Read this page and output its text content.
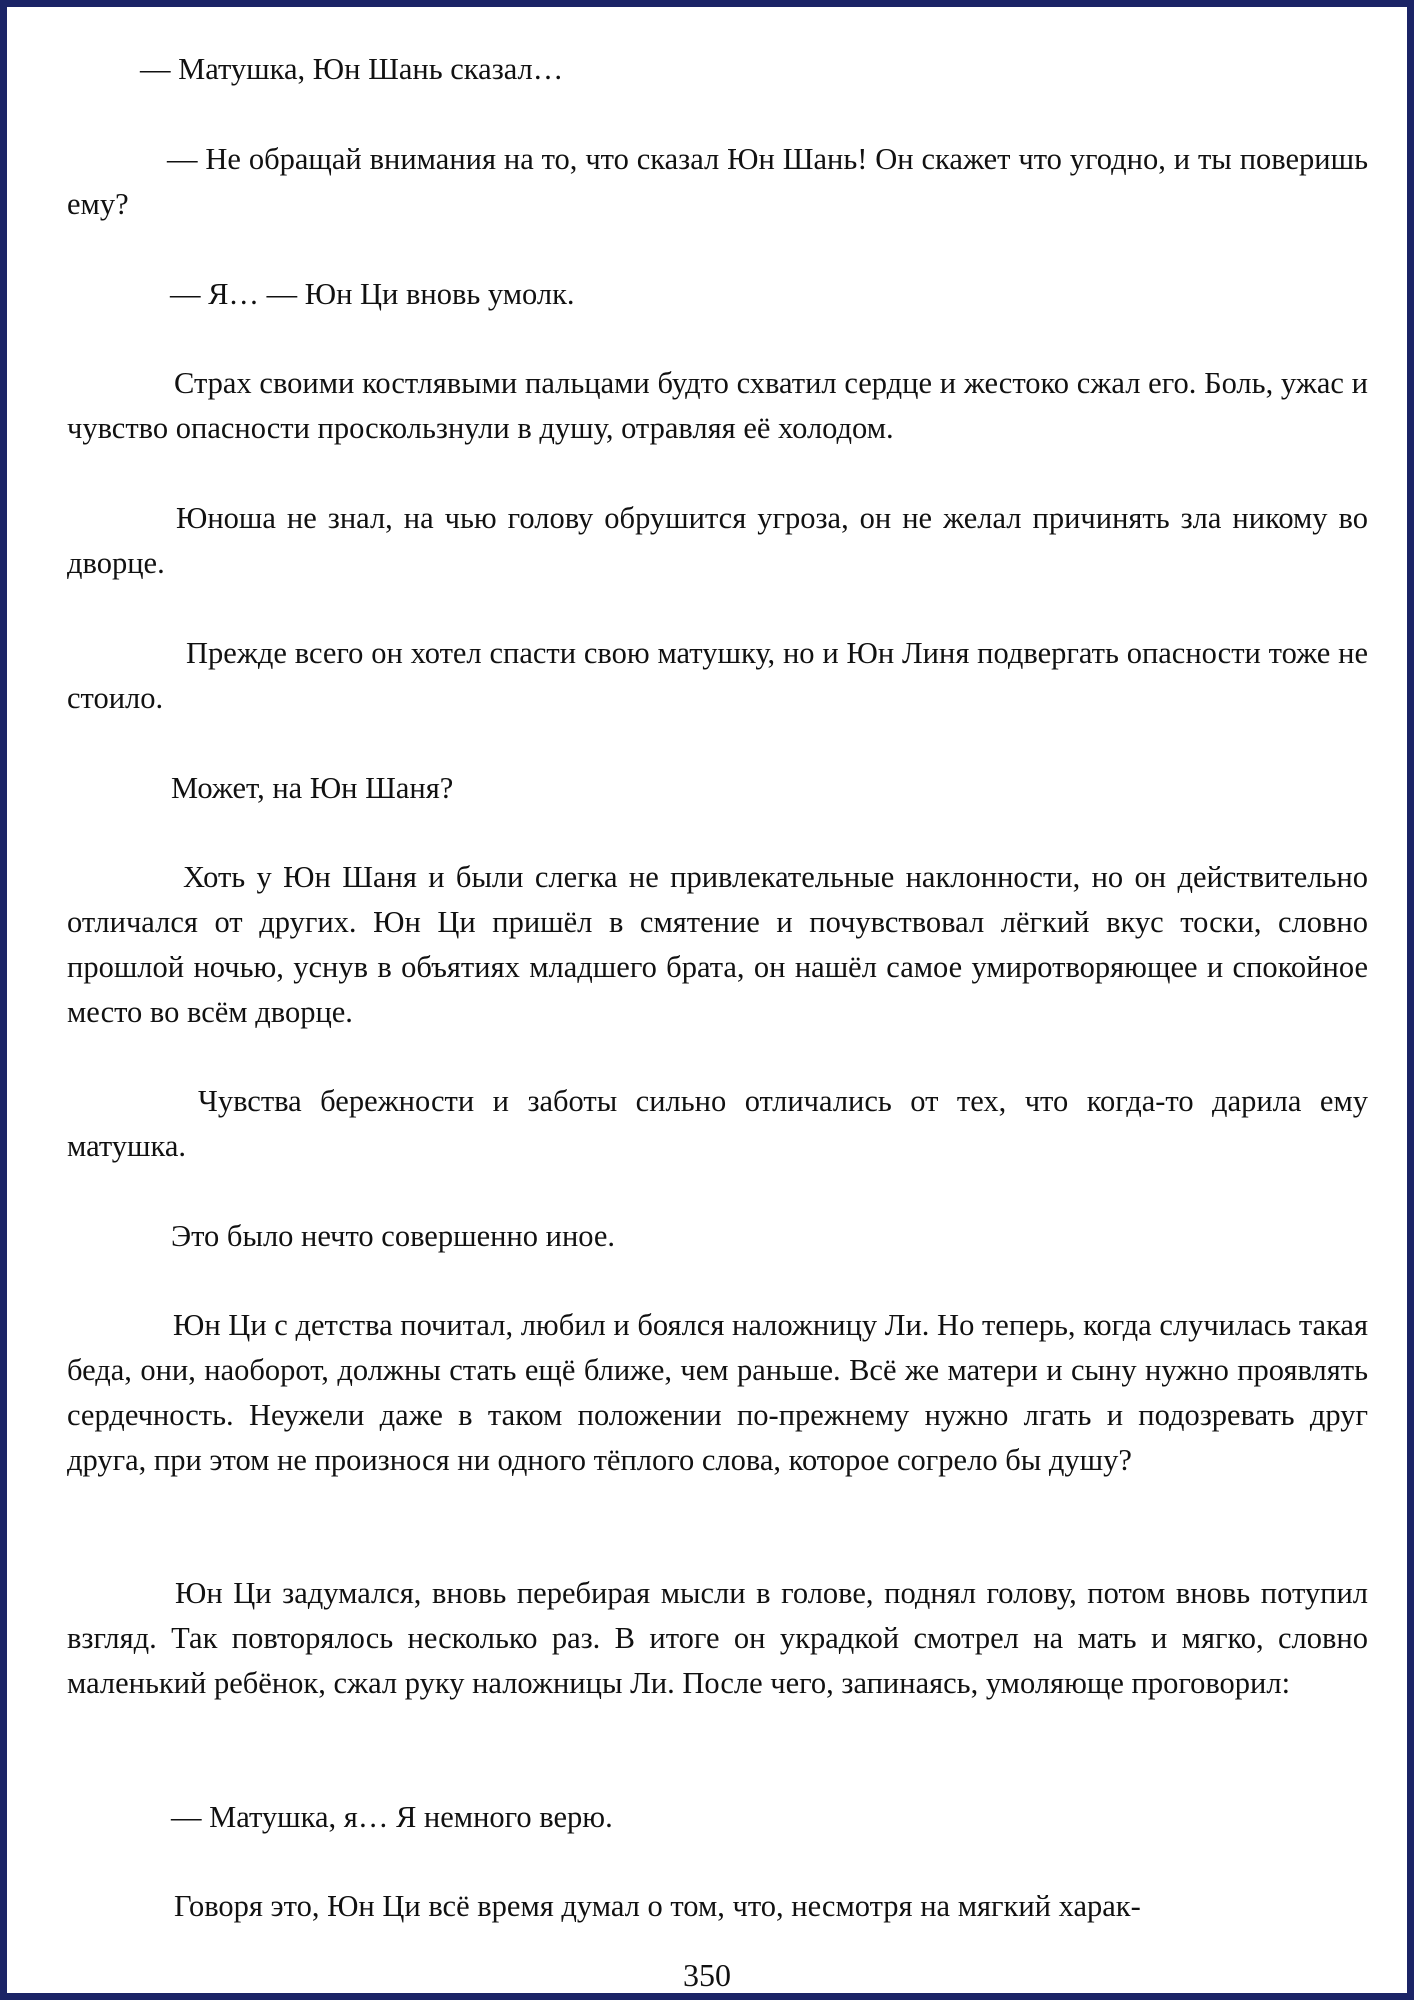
— Матушка, Юн Шань сказал…

— Не обращай внимания на то, что сказал Юн Шань! Он скажет что угодно, и ты поверишь ему?

— Я… — Юн Ци вновь умолк.

Страх своими костлявыми пальцами будто схватил сердце и жестоко сжал его. Боль, ужас и чувство опасности проскользнули в душу, отравляя её холодом.

Юноша не знал, на чью голову обрушится угроза, он не желал причинять зла никому во дворце.

Прежде всего он хотел спасти свою матушку, но и Юн Линя подвергать опасности тоже не стоило.

Может, на Юн Шаня?

Хоть у Юн Шаня и были слегка не привлекательные наклонности, но он действительно отличался от других. Юн Ци пришёл в смятение и почувствовал лёгкий вкус тоски, словно прошлой ночью, уснув в объятиях младшего брата, он нашёл самое умиротворяющее и спокойное место во всём дворце.

Чувства бережности и заботы сильно отличались от тех, что когда-то дарила ему матушка.

Это было нечто совершенно иное.

Юн Ци с детства почитал, любил и боялся наложницу Ли. Но теперь, когда случилась такая беда, они, наоборот, должны стать ещё ближе, чем раньше. Всё же матери и сыну нужно проявлять сердечность. Неужели даже в таком положении по-прежнему нужно лгать и подозревать друг друга, при этом не произнося ни одного тёплого слова, которое согрело бы душу?

Юн Ци задумался, вновь перебирая мысли в голове, поднял голову, потом вновь потупил взгляд. Так повторялось несколько раз. В итоге он украдкой смотрел на мать и мягко, словно маленький ребёнок, сжал руку наложницы Ли. После чего, запинаясь, умоляюще проговорил:

— Матушка, я… Я немного верю.

Говоря это, Юн Ци всё время думал о том, что, несмотря на мягкий харак-

350
